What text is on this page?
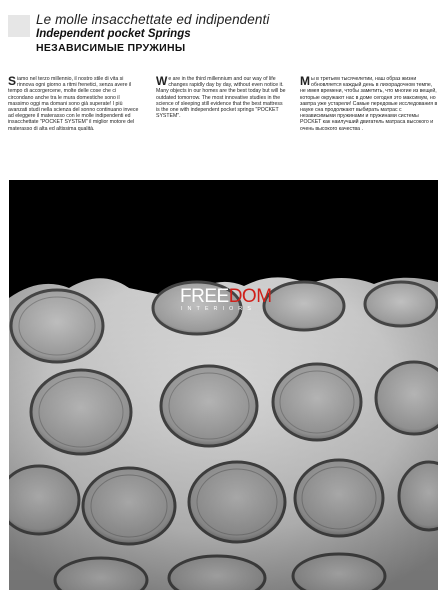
Le molle insacchettate ed indipendenti
Independent pocket Springs
НЕЗАВИСИМЫЕ ПРУЖИНЫ

Siamo nel terzo millennio, il nostro stile di vita si rinnova ogni giorno a ritmi frenetici, senza avere il tempo di accorgercene, molte delle cose che ci circondano anche tra le mura domestiche sono il massimo oggi ma domani sono già superate! I più avanzati studi nella scienza del sonno continuano invece ad eleggere il materasso con le molle indipendenti ed insacchettate "POCKET SYSTEM" il miglior motore del materasso di alta ed altissima qualità.

We are in the third millennium and our way of life changes rapidly day by day, without even notice it. Many objects in our homes are the best today but will be outdated tomorrow. The most innovative studies in the science of sleeping still evidence that the best mattress is the one with independent pocket springs "POCKET SYSTEM".

Мы в третьем тысячелетии, наш образ жизни обновляется каждый день в лихорадочном темпе, не имея времени, чтобы заметить, что многие из вещей, которые окружают нас в доме сегодня это максимум, но завтра уже устарели! Самые передовые исследования в науке сна продолжают выбирать матрас с независимыми пружинами и пружинами системы POCKET как наилучший двигатель матраса высокого и очень высокого качества .

FREEDOM
INTERIORS
